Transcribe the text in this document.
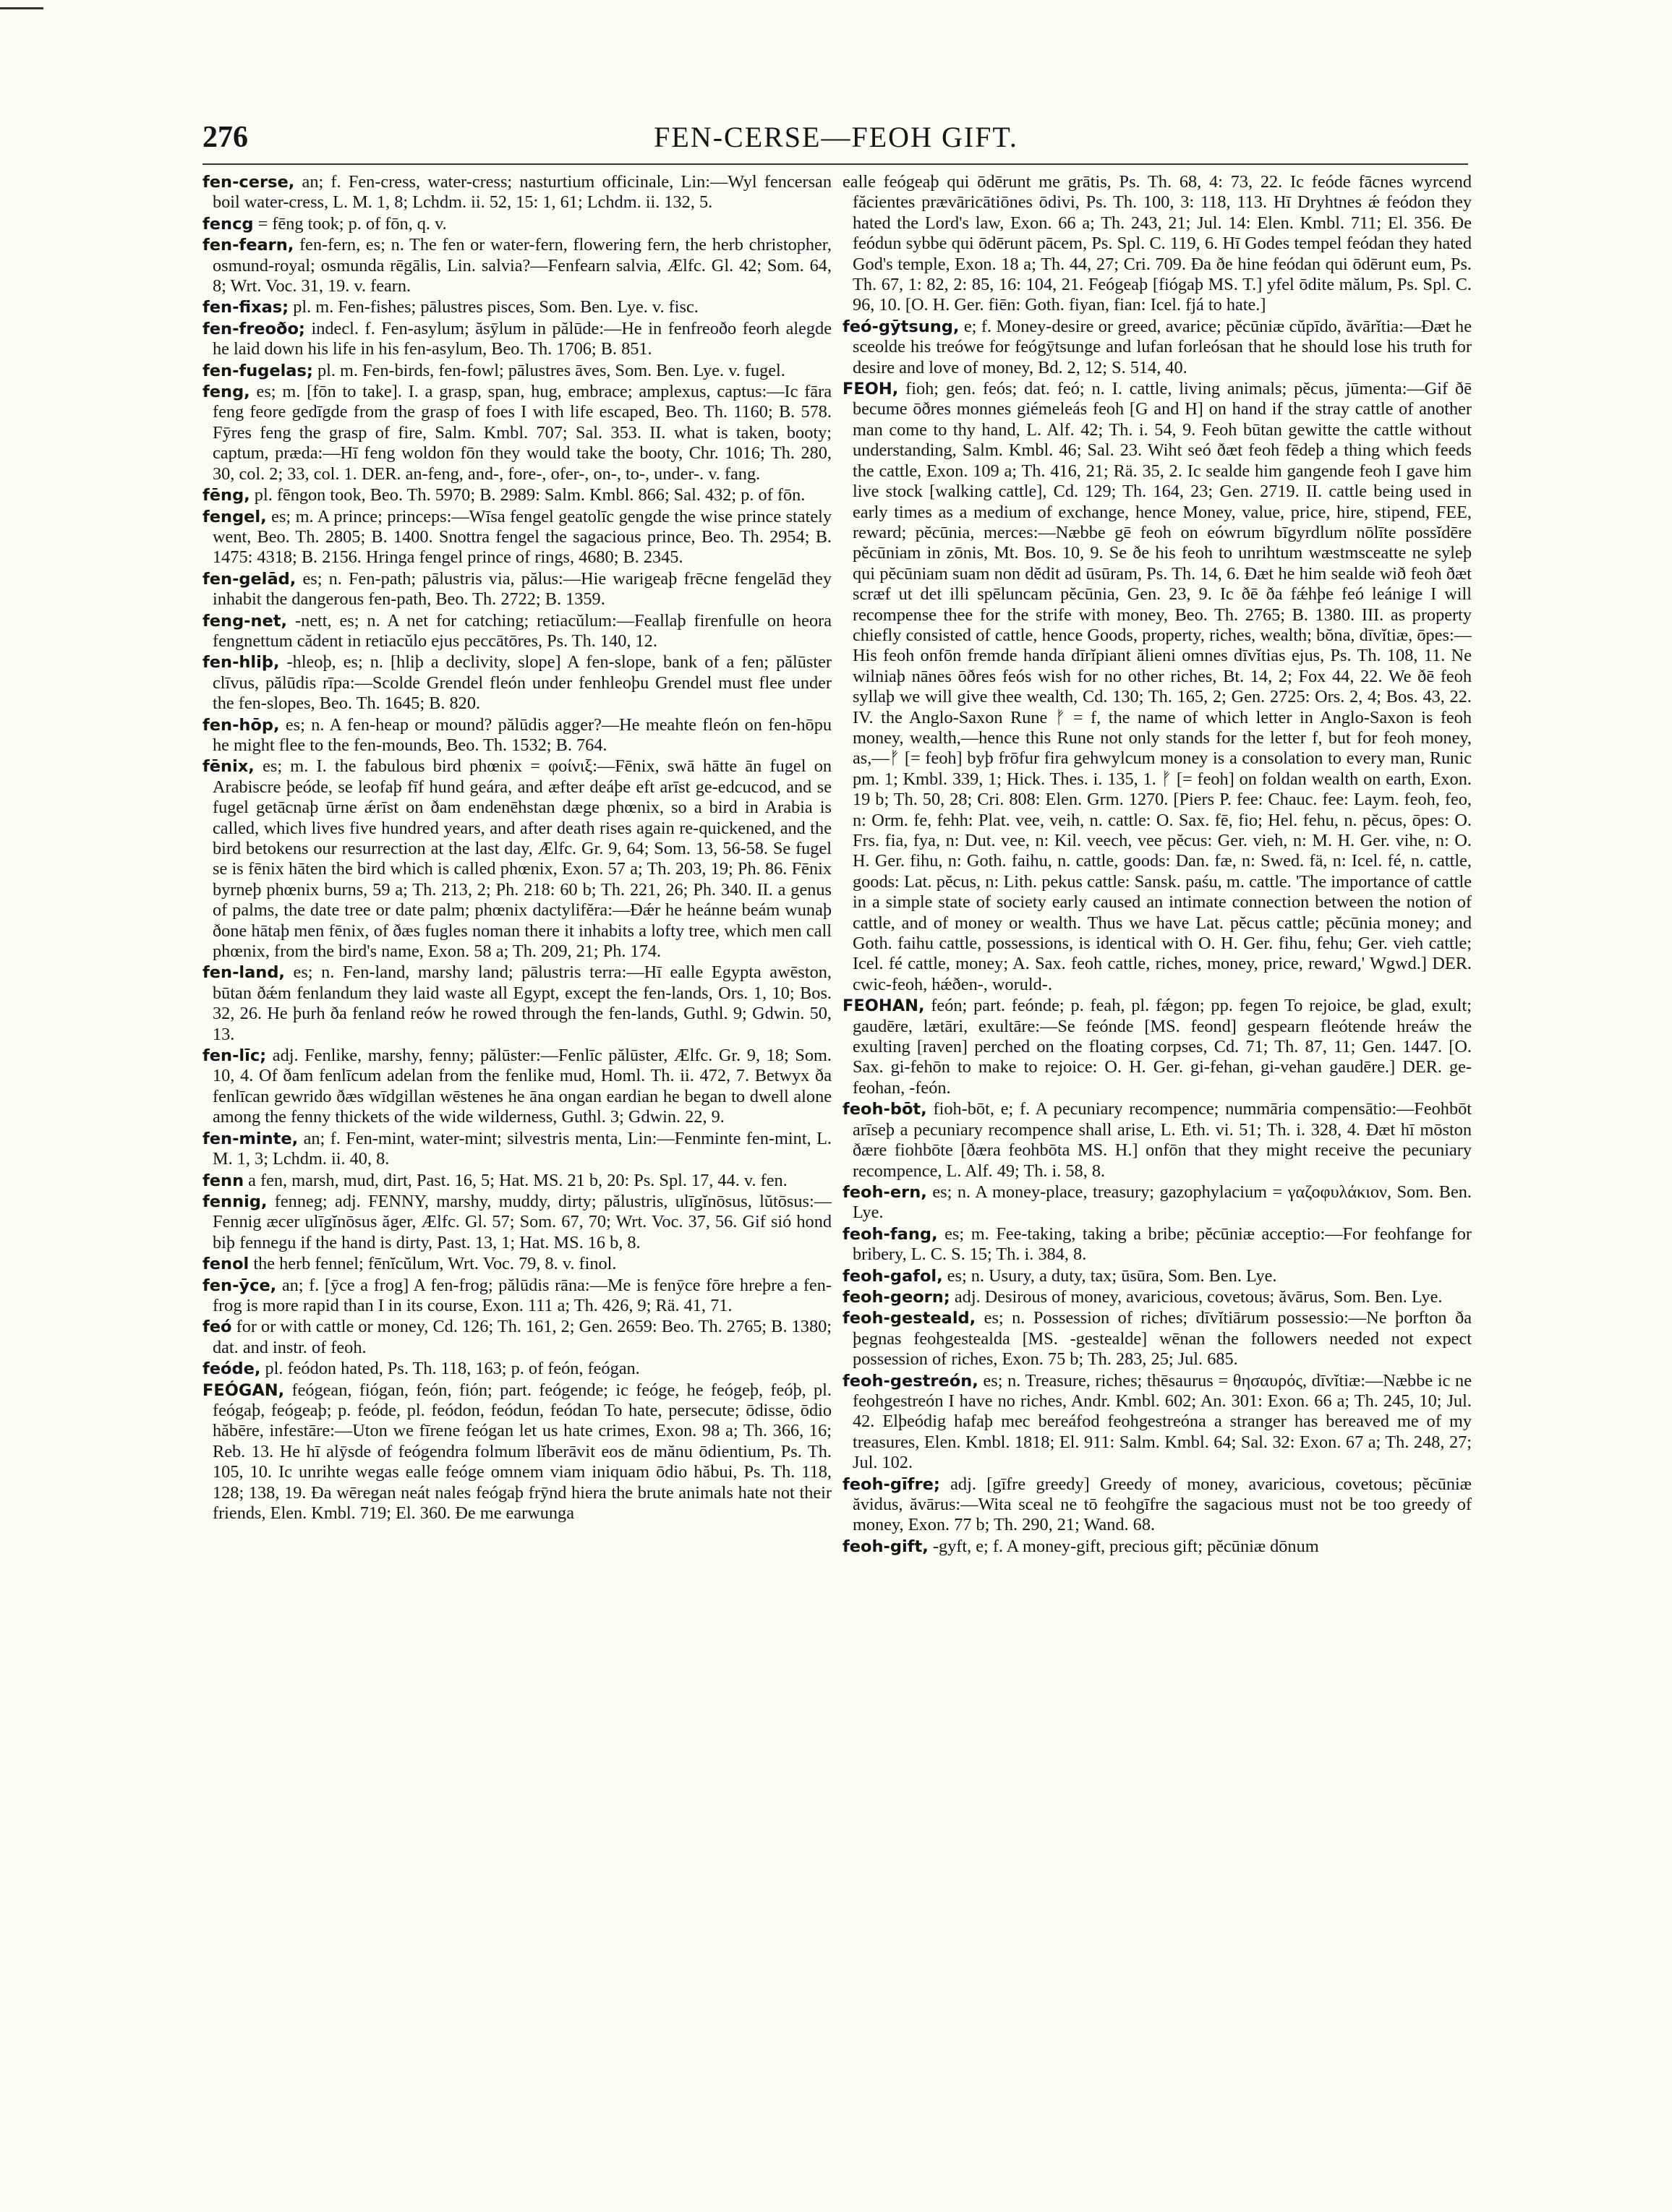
276	FEN-CERSE—FEOH GIFT.

fen-cerse, an; f. Fen-cress, water-cress; nasturtium officinale, Lin:—Wyl fencersan boil water-cress, L. M. 1, 8; Lchdm. ii. 52, 15: 1, 61; Lchdm. ii. 132, 5.

fencg = fēng took; p. of fōn, q. v.

fen-fearn, fen-fern, es; n. The fen or water-fern, flowering fern, the herb christopher, osmund-royal; osmunda rēgālis, Lin. salvia?—Fenfearn salvia, Ælfc. Gl. 42; Som. 64, 8; Wrt. Voc. 31, 19. v. fearn.

fen-fixas; pl. m. Fen-fishes; pālustres pisces, Som. Ben. Lye. v. fisc.

fen-freoðo; indecl. f. Fen-asylum; ăsȳlum in pălūde:—He in fenfreoðo feorh alegde he laid down his life in his fen-asylum, Beo. Th. 1706; B. 851.

fen-fugelas; pl. m. Fen-birds, fen-fowl; pālustres āves, Som. Ben. Lye. v. fugel.

feng, es; m. [fōn to take]. I. a grasp, span, hug, embrace; amplexus, captus:—Ic fāra feng feore gedīgde from the grasp of foes I with life escaped, Beo. Th. 1160; B. 578. Fȳres feng the grasp of fire, Salm. Kmbl. 707; Sal. 353. II. what is taken, booty; captum, præda:—Hī feng woldon fōn they would take the booty, Chr. 1016; Th. 280, 30, col. 2; 33, col. 1. DER. an-feng, and-, fore-, ofer-, on-, to-, under-. v. fang.

fēng, pl. fēngon took, Beo. Th. 5970; B. 2989: Salm. Kmbl. 866; Sal. 432; p. of fōn.

fengel, es; m. A prince; princeps:—Wīsa fengel geatolīc gengde the wise prince stately went, Beo. Th. 2805; B. 1400. Snottra fengel the sagacious prince, Beo. Th. 2954; B. 1475: 4318; B. 2156. Hringa fengel prince of rings, 4680; B. 2345.

fen-gelād, es; n. Fen-path; pālustris via, pălus:—Hie warigeaþ frēcne fengelād they inhabit the dangerous fen-path, Beo. Th. 2722; B. 1359.

feng-net, -nett, es; n. A net for catching; retiacŭlum:—Feallaþ firenfulle on heora fengnettum cădent in retiacŭlo ejus peccātōres, Ps. Th. 140, 12.

fen-hliþ, -hleoþ, es; n. [hliþ a declivity, slope] A fen-slope, bank of a fen; pălūster clīvus, pălūdis rīpa:—Scolde Grendel fleón under fenhleoþu Grendel must flee under the fen-slopes, Beo. Th. 1645; B. 820.

fen-hōp, es; n. A fen-heap or mound? pălūdis agger?—He meahte fleón on fen-hōpu he might flee to the fen-mounds, Beo. Th. 1532; B. 764.

fēnix, es; m. I. the fabulous bird phœnix = φοίνιξ:—Fēnix, swā hātte ān fugel on Arabiscre þeóde, se leofaþ fīf hund geára, and æfter deáþe eft arīst ge-edcucod, and se fugel getācnaþ ūrne ǽrīst on ðam endenēhstan dæge phœnix, so a bird in Arabia is called, which lives five hundred years, and after death rises again re-quickened, and the bird betokens our resurrection at the last day, Ælfc. Gr. 9, 64; Som. 13, 56-58. Se fugel se is fēnix hāten the bird which is called phœnix, Exon. 57 a; Th. 203, 19; Ph. 86. Fēnix byrneþ phœnix burns, 59 a; Th. 213, 2; Ph. 218: 60 b; Th. 221, 26; Ph. 340. II. a genus of palms, the date tree or date palm; phœnix dactylifĕra:—Ðǽr he heánne beám wunaþ ðone hātaþ men fēnix, of ðæs fugles noman there it inhabits a lofty tree, which men call phœnix, from the bird's name, Exon. 58 a; Th. 209, 21; Ph. 174.

fen-land, es; n. Fen-land, marshy land; pālustris terra:—Hī ealle Egypta awēston, būtan ðǽm fenlandum they laid waste all Egypt, except the fen-lands, Ors. 1, 10; Bos. 32, 26. He þurh ða fenland reów he rowed through the fen-lands, Guthl. 9; Gdwin. 50, 13.

fen-līc; adj. Fenlike, marshy, fenny; pălūster:—Fenlīc pălūster, Ælfc. Gr. 9, 18; Som. 10, 4. Of ðam fenlīcum adelan from the fenlike mud, Homl. Th. ii. 472, 7. Betwyx ða fenlīcan gewrido ðæs wīdgillan wēstenes he āna ongan eardian he began to dwell alone among the fenny thickets of the wide wilderness, Guthl. 3; Gdwin. 22, 9.

fen-minte, an; f. Fen-mint, water-mint; silvestris menta, Lin:—Fenminte fen-mint, L. M. 1, 3; Lchdm. ii. 40, 8.

fenn a fen, marsh, mud, dirt, Past. 16, 5; Hat. MS. 21 b, 20: Ps. Spl. 17, 44. v. fen.

fennig, fenneg; adj. FENNY, marshy, muddy, dirty; pălustris, ulīgĭnōsus, lŭtōsus:—Fennig æcer ulīgĭnōsus ăger, Ælfc. Gl. 57; Som. 67, 70; Wrt. Voc. 37, 56. Gif sió hond biþ fennegu if the hand is dirty, Past. 13, 1; Hat. MS. 16 b, 8.

fenol the herb fennel; fēnĭcŭlum, Wrt. Voc. 79, 8. v. finol.

fen-ȳce, an; f. [ȳce a frog] A fen-frog; pălūdis rāna:—Me is fenȳce fōre hreþre a fen-frog is more rapid than I in its course, Exon. 111 a; Th. 426, 9; Rä. 41, 71.

feó for or with cattle or money, Cd. 126; Th. 161, 2; Gen. 2659: Beo. Th. 2765; B. 1380; dat. and instr. of feoh.

feóde, pl. feódon hated, Ps. Th. 118, 163; p. of feón, feógan.

FEÓGAN, feógean, fiógan, feón, fión; part. feógende; ic feóge, he feógeþ, feóþ, pl. feógaþ, feógeaþ; p. feóde, pl. feódon, feódun, feódan To hate, persecute; ōdisse, ōdio hăbēre, infestāre:—Uton we fīrene feógan let us hate crimes, Exon. 98 a; Th. 366, 16; Reb. 13. He hī alȳsde of feógendra folmum lĭberāvit eos de mănu ōdientium, Ps. Th. 105, 10. Ic unrihte wegas ealle feóge omnem viam iniquam ōdio hăbui, Ps. Th. 118, 128; 138, 19. Ða wēregan neát nales feógaþ frȳnd hiera the brute animals hate not their friends, Elen. Kmbl. 719; El. 360. Ðe me earwunga

ealle feógeaþ qui ōdērunt me grātis, Ps. Th. 68, 4: 73, 22. Ic feóde fācnes wyrcend făcientes prævāricātiōnes ōdivi, Ps. Th. 100, 3: 118, 113. Hī Dryhtnes ǽ feódon they hated the Lord's law, Exon. 66 a; Th. 243, 21; Jul. 14: Elen. Kmbl. 711; El. 356. Ðe feódun sybbe qui ōdērunt pācem, Ps. Spl. C. 119, 6. Hī Godes tempel feódan they hated God's temple, Exon. 18 a; Th. 44, 27; Cri. 709. Ða ðe hine feódan qui ōdērunt eum, Ps. Th. 67, 1: 82, 2: 85, 16: 104, 21. Feógeaþ [fiógaþ MS. T.] yfel ōdite mălum, Ps. Spl. C. 96, 10. [O. H. Ger. fiēn: Goth. fiyan, fian: Icel. fjá to hate.]

feó-gȳtsung, e; f. Money-desire or greed, avarice; pĕcūniæ cŭpīdo, ăvārĭtia:—Ðæt he sceolde his treówe for feógȳtsunge and lufan forleósan that he should lose his truth for desire and love of money, Bd. 2, 12; S. 514, 40.

FEOH, fioh; gen. feós; dat. feó; n. I. cattle, living animals; pĕcus, jūmenta:—Gif ðē becume ōðres monnes giémeleás feoh [G and H] on hand if the stray cattle of another man come to thy hand, L. Alf. 42; Th. i. 54, 9. Feoh būtan gewitte the cattle without understanding, Salm. Kmbl. 46; Sal. 23. Wiht seó ðæt feoh fēdeþ a thing which feeds the cattle, Exon. 109 a; Th. 416, 21; Rä. 35, 2. Ic sealde him gangende feoh I gave him live stock [walking cattle], Cd. 129; Th. 164, 23; Gen. 2719. II. cattle being used in early times as a medium of exchange, hence Money, value, price, hire, stipend, FEE, reward; pĕcūnia, merces:—Næbbe gē feoh on eówrum bīgyrdlum nōlīte possĭdēre pĕcūniam in zōnis, Mt. Bos. 10, 9. Se ðe his feoh to unrihtum wæstmsceatte ne syleþ qui pĕcūniam suam non dĕdit ad ūsūram, Ps. Th. 14, 6. Ðæt he him sealde wið feoh ðæt scræf ut det illi spēluncam pĕcūnia, Gen. 23, 9. Ic ðē ða fǽhþe feó leánige I will recompense thee for the strife with money, Beo. Th. 2765; B. 1380. III. as property chiefly consisted of cattle, hence Goods, property, riches, wealth; bŏna, dīvĭtiæ, ōpes:—His feoh onfōn fremde handa dīrĭpiant ălieni omnes dīvĭtias ejus, Ps. Th. 108, 11. Ne wilniaþ nānes ōðres feós wish for no other riches, Bt. 14, 2; Fox 44, 22. We ðē feoh syllaþ we will give thee wealth, Cd. 130; Th. 165, 2; Gen. 2725: Ors. 2, 4; Bos. 43, 22. IV. the Anglo-Saxon Rune ᚠ = f, the name of which letter in Anglo-Saxon is feoh money, wealth,—hence this Rune not only stands for the letter f, but for feoh money, as,—ᚠ [= feoh] byþ frōfur fira gehwylcum money is a consolation to every man, Runic pm. 1; Kmbl. 339, 1; Hick. Thes. i. 135, 1. ᚠ [= feoh] on foldan wealth on earth, Exon. 19 b; Th. 50, 28; Cri. 808: Elen. Grm. 1270. [Piers P. fee: Chauc. fee: Laym. feoh, feo, n: Orm. fe, fehh: Plat. vee, veih, n. cattle: O. Sax. fē, fio; Hel. fehu, n. pĕcus, ōpes: O. Frs. fia, fya, n: Dut. vee, n: Kil. veech, vee pĕcus: Ger. vieh, n: M. H. Ger. vihe, n: O. H. Ger. fihu, n: Goth. faihu, n. cattle, goods: Dan. fæ, n: Swed. fä, n: Icel. fé, n. cattle, goods: Lat. pĕcus, n: Lith. pekus cattle: Sansk. paśu, m. cattle. 'The importance of cattle in a simple state of society early caused an intimate connection between the notion of cattle, and of money or wealth. Thus we have Lat. pĕcus cattle; pĕcūnia money; and Goth. faihu cattle, possessions, is identical with O. H. Ger. fihu, fehu; Ger. vieh cattle; Icel. fé cattle, money; A. Sax. feoh cattle, riches, money, price, reward,' Wgwd.] DER. cwic-feoh, hǽðen-, woruld-.

FEOHAN, feón; part. feónde; p. feah, pl. fǽgon; pp. fegen To rejoice, be glad, exult; gaudēre, lætāri, exultāre:—Se feónde [MS. feond] gespearn fleótende hreáw the exulting [raven] perched on the floating corpses, Cd. 71; Th. 87, 11; Gen. 1447. [O. Sax. gi-fehōn to make to rejoice: O. H. Ger. gi-fehan, gi-vehan gaudēre.] DER. ge-feohan, -feón.

feoh-bōt, fioh-bōt, e; f. A pecuniary recompence; nummāria compensātio:—Feohbōt arīseþ a pecuniary recompence shall arise, L. Eth. vi. 51; Th. i. 328, 4. Ðæt hī mōston ðære fiohbōte [ðæra feohbōta MS. H.] onfōn that they might receive the pecuniary recompence, L. Alf. 49; Th. i. 58, 8.

feoh-ern, es; n. A money-place, treasury; gazophylacium = γαζοφυλάκιον, Som. Ben. Lye.

feoh-fang, es; m. Fee-taking, taking a bribe; pĕcūniæ acceptio:—For feohfange for bribery, L. C. S. 15; Th. i. 384, 8.

feoh-gafol, es; n. Usury, a duty, tax; ūsūra, Som. Ben. Lye.

feoh-georn; adj. Desirous of money, avaricious, covetous; ăvārus, Som. Ben. Lye.

feoh-gesteald, es; n. Possession of riches; dīvĭtiārum possessio:—Ne þorfton ða þegnas feohgestealda [MS. -gestealde] wēnan the followers needed not expect possession of riches, Exon. 75 b; Th. 283, 25; Jul. 685.

feoh-gestreón, es; n. Treasure, riches; thēsaurus = θησαυρός, dīvĭtiæ:—Næbbe ic ne feohgestreón I have no riches, Andr. Kmbl. 602; An. 301: Exon. 66 a; Th. 245, 10; Jul. 42. Elþeódig hafaþ mec bereáfod feohgestreóna a stranger has bereaved me of my treasures, Elen. Kmbl. 1818; El. 911: Salm. Kmbl. 64; Sal. 32: Exon. 67 a; Th. 248, 27; Jul. 102.

feoh-gīfre; adj. [gīfre greedy] Greedy of money, avaricious, covetous; pĕcūniæ ăvidus, ăvārus:—Wita sceal ne tō feohgīfre the sagacious must not be too greedy of money, Exon. 77 b; Th. 290, 21; Wand. 68.

feoh-gift, -gyft, e; f. A money-gift, precious gift; pĕcūniæ dōnum
